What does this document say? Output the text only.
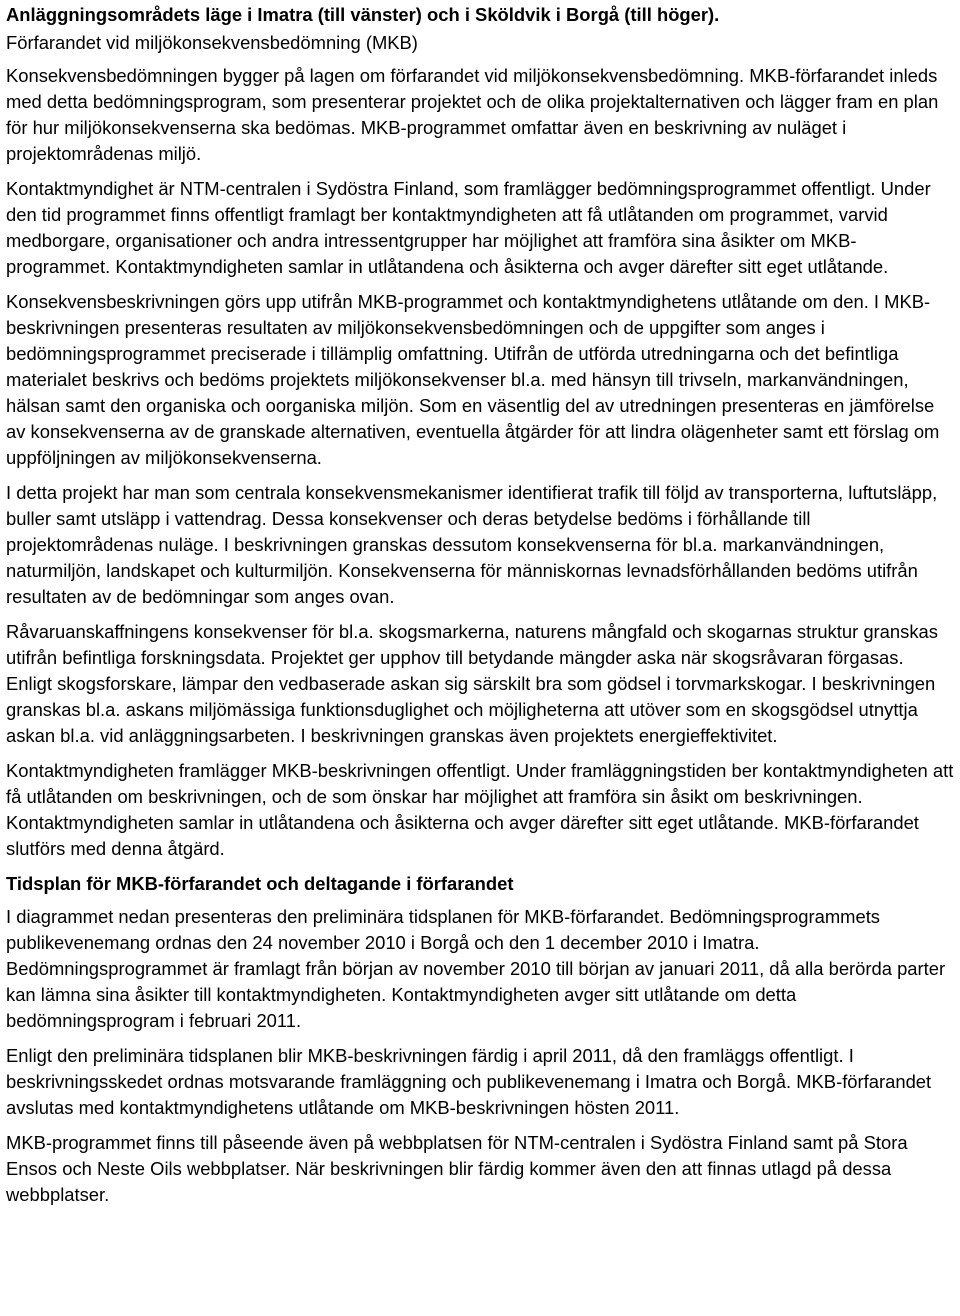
Anläggningsområdets läge i Imatra (till vänster) och i Sköldvik i Borgå (till höger).
Förfarandet vid miljökonsekvensbedömning (MKB)

Konsekvensbedömningen bygger på lagen om förfarandet vid miljökonsekvensbedömning. MKB-förfarandet inleds med detta bedömningsprogram, som presenterar projektet och de olika projektalternativen och lägger fram en plan för hur miljökonsekvenserna ska bedömas. MKB-programmet omfattar även en beskrivning av nuläget i projektområdenas miljö.

Kontaktmyndighet är NTM-centralen i Sydöstra Finland, som framlägger bedömningsprogrammet offentligt. Under den tid programmet finns offentligt framlagt ber kontaktmyndigheten att få utlåtanden om programmet, varvid medborgare, organisationer och andra intressentgrupper har möjlighet att framföra sina åsikter om MKB-programmet. Kontaktmyndigheten samlar in utlåtandena och åsikterna och avger därefter sitt eget utlåtande.

Konsekvensbeskrivningen görs upp utifrån MKB-programmet och kontaktmyndighetens utlåtande om den. I MKB-beskrivningen presenteras resultaten av miljökonsekvensbedömningen och de uppgifter som anges i bedömningsprogrammet preciserade i tillämplig omfattning. Utifrån de utförda utredningarna och det befintliga materialet beskrivs och bedöms projektets miljökonsekvenser bl.a. med hänsyn till trivseln, markanvändningen, hälsan samt den organiska och oorganiska miljön. Som en väsentlig del av utredningen presenteras en jämförelse av konsekvenserna av de granskade alternativen, eventuella åtgärder för att lindra olägenheter samt ett förslag om uppföljningen av miljökonsekvenserna.

I detta projekt har man som centrala konsekvensmekanismer identifierat trafik till följd av transporterna, luftutsläpp, buller samt utsläpp i vattendrag. Dessa konsekvenser och deras betydelse bedöms i förhållande till projektområdenas nuläge. I beskrivningen granskas dessutom konsekvenserna för bl.a. markanvändningen, naturmiljön, landskapet och kulturmiljön. Konsekvenserna för människornas levnadsförhållanden bedöms utifrån resultaten av de bedömningar som anges ovan.

Råvaruanskaffningens konsekvenser för bl.a. skogsmarkerna, naturens mångfald och skogarnas struktur granskas utifrån befintliga forskningsdata. Projektet ger upphov till betydande mängder aska när skogsråvaran förgasas. Enligt skogsforskare, lämpar den vedbaserade askan sig särskilt bra som gödsel i torvmarkskogar. I beskrivningen granskas bl.a. askans miljömässiga funktionsduglighet och möjligheterna att utöver som en skogsgödsel utnyttja askan bl.a. vid anläggningsarbeten. I beskrivningen granskas även projektets energieffektivitet.

Kontaktmyndigheten framlägger MKB-beskrivningen offentligt. Under framläggningstiden ber kontaktmyndigheten att få utlåtanden om beskrivningen, och de som önskar har möjlighet att framföra sin åsikt om beskrivningen. Kontaktmyndigheten samlar in utlåtandena och åsikterna och avger därefter sitt eget utlåtande. MKB-förfarandet slutförs med denna åtgärd.

Tidsplan för MKB-förfarandet och deltagande i förfarandet

I diagrammet nedan presenteras den preliminära tidsplanen för MKB-förfarandet. Bedömningsprogrammets publikevenemang ordnas den 24 november 2010 i Borgå och den 1 december 2010 i Imatra. Bedömningsprogrammet är framlagt från början av november 2010 till början av januari 2011, då alla berörda parter kan lämna sina åsikter till kontaktmyndigheten. Kontaktmyndigheten avger sitt utlåtande om detta bedömningsprogram i februari 2011.

Enligt den preliminära tidsplanen blir MKB-beskrivningen färdig i april 2011, då den framläggs offentligt. I beskrivningsskedet ordnas motsvarande framläggning och publikevenemang i Imatra och Borgå. MKB-förfarandet avslutas med kontaktmyndighetens utlåtande om MKB-beskrivningen hösten 2011.

MKB-programmet finns till påseende även på webbplatsen för NTM-centralen i Sydöstra Finland samt på Stora Ensos och Neste Oils webbplatser. När beskrivningen blir färdig kommer även den att finnas utlagd på dessa webbplatser.
